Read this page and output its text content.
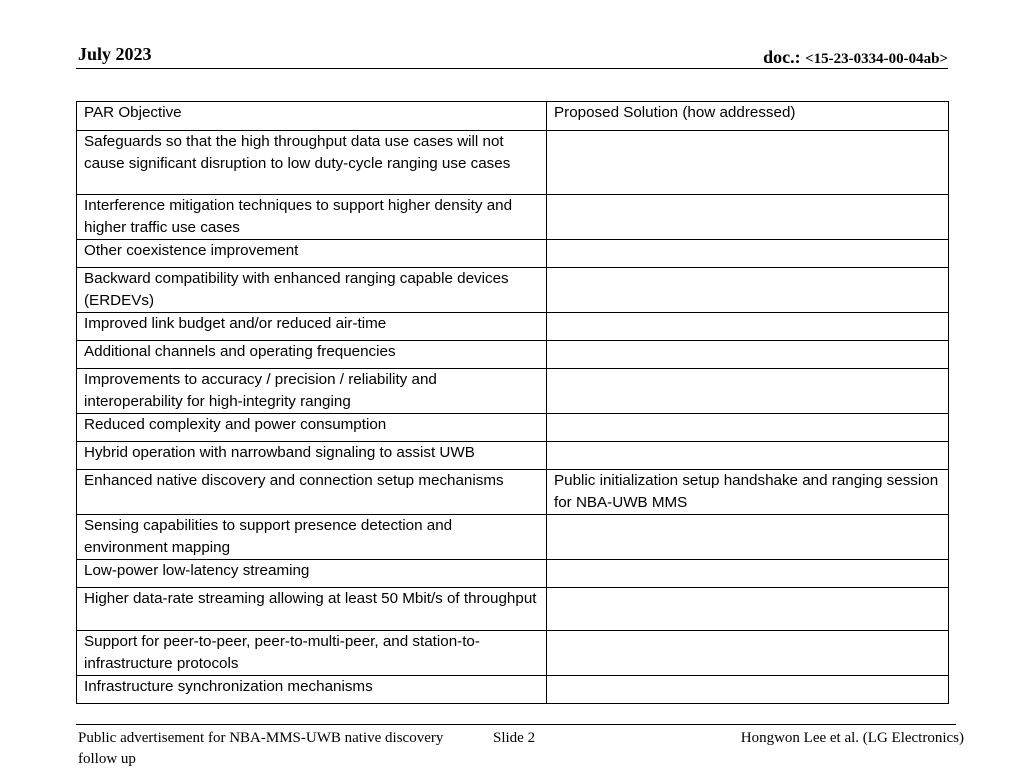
July 2023	doc.: <15-23-0334-00-04ab>
PAR Objective	Proposed Solution (how addressed)
Safeguards so that the high throughput data use cases will not cause significant disruption to low duty-cycle ranging use cases	
Interference mitigation techniques to support higher density and higher traffic use cases	
Other coexistence improvement	
Backward compatibility with enhanced ranging capable devices (ERDEVs)	
Improved link budget and/or reduced air-time	
Additional channels and operating frequencies	
Improvements to accuracy / precision / reliability and interoperability for high-integrity ranging	
Reduced complexity and power consumption	
Hybrid operation with narrowband signaling to assist UWB	
Enhanced native discovery and connection setup mechanisms	Public initialization setup handshake and ranging session for NBA-UWB MMS
Sensing capabilities to support presence detection and environment mapping	
Low-power low-latency streaming	
Higher data-rate streaming allowing at least 50 Mbit/s of throughput	
Support for peer-to-peer, peer-to-multi-peer, and station-to-infrastructure protocols	
Infrastructure synchronization mechanisms	
Public advertisement for NBA-MMS-UWB native discovery follow up
Slide 2	Hongwon Lee et al. (LG Electronics)
